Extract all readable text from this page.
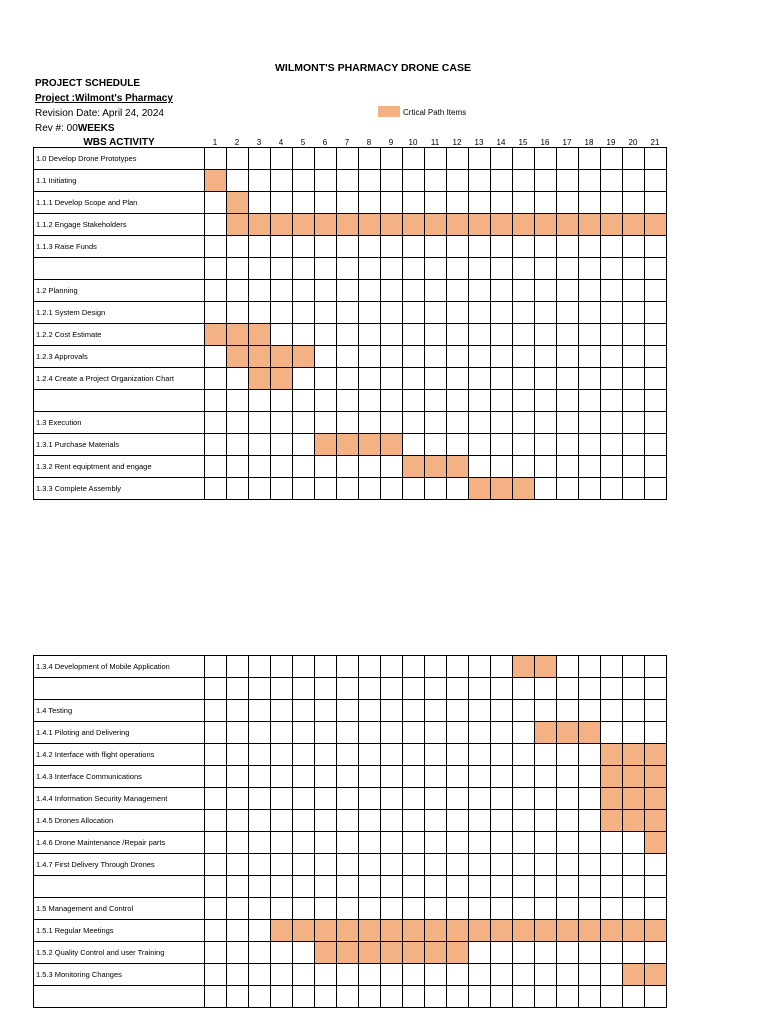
WILMONT'S PHARMACY DRONE CASE
PROJECT SCHEDULE
Project :Wilmont's Pharmacy
Revision Date: April 24, 2024
Rev #: 00WEEKS
Crtical Path Items
WBS ACTIVITY	1	2	3	4	5	6	7	8	9	10	11	12	13	14	15	16	17	18	19	20	21
1.0 Develop Drone Prototypes																					
1.1 Initiating																					
1.1.1 Develop Scope and Plan																					
1.1.2 Engage Stakeholders																					
1.1.3 Raise Funds																					

1.2 Planning																					
1.2.1 System Design																					
1.2.2 Cost Estimate																					
1.2.3 Approvals																					
1.2.4 Create a Project Organization Chart																					

1.3 Execution																					
1.3.1 Purchase Materials																					
1.3.2 Rent equiptment and engage																					
1.3.3 Complete Assembly																					
1.3.4 Development of Mobile Application																					

1.4 Testing																					
1.4.1 Piloting and Delivering																					
1.4.2 Interface with flight operations																					
1.4.3 Interface Communications																					
1.4.4 Information Security Management																					
1.4.5 Drones Allocation																					
1.4.6 Drone Maintenance /Repair parts																					
1.4.7 First Delivery Through Drones																					

1.5 Management and Control																					
1.5.1 Regular Meetings																					
1.5.2 Quality Control and user Training																					
1.5.3 Monitoring Changes																					
